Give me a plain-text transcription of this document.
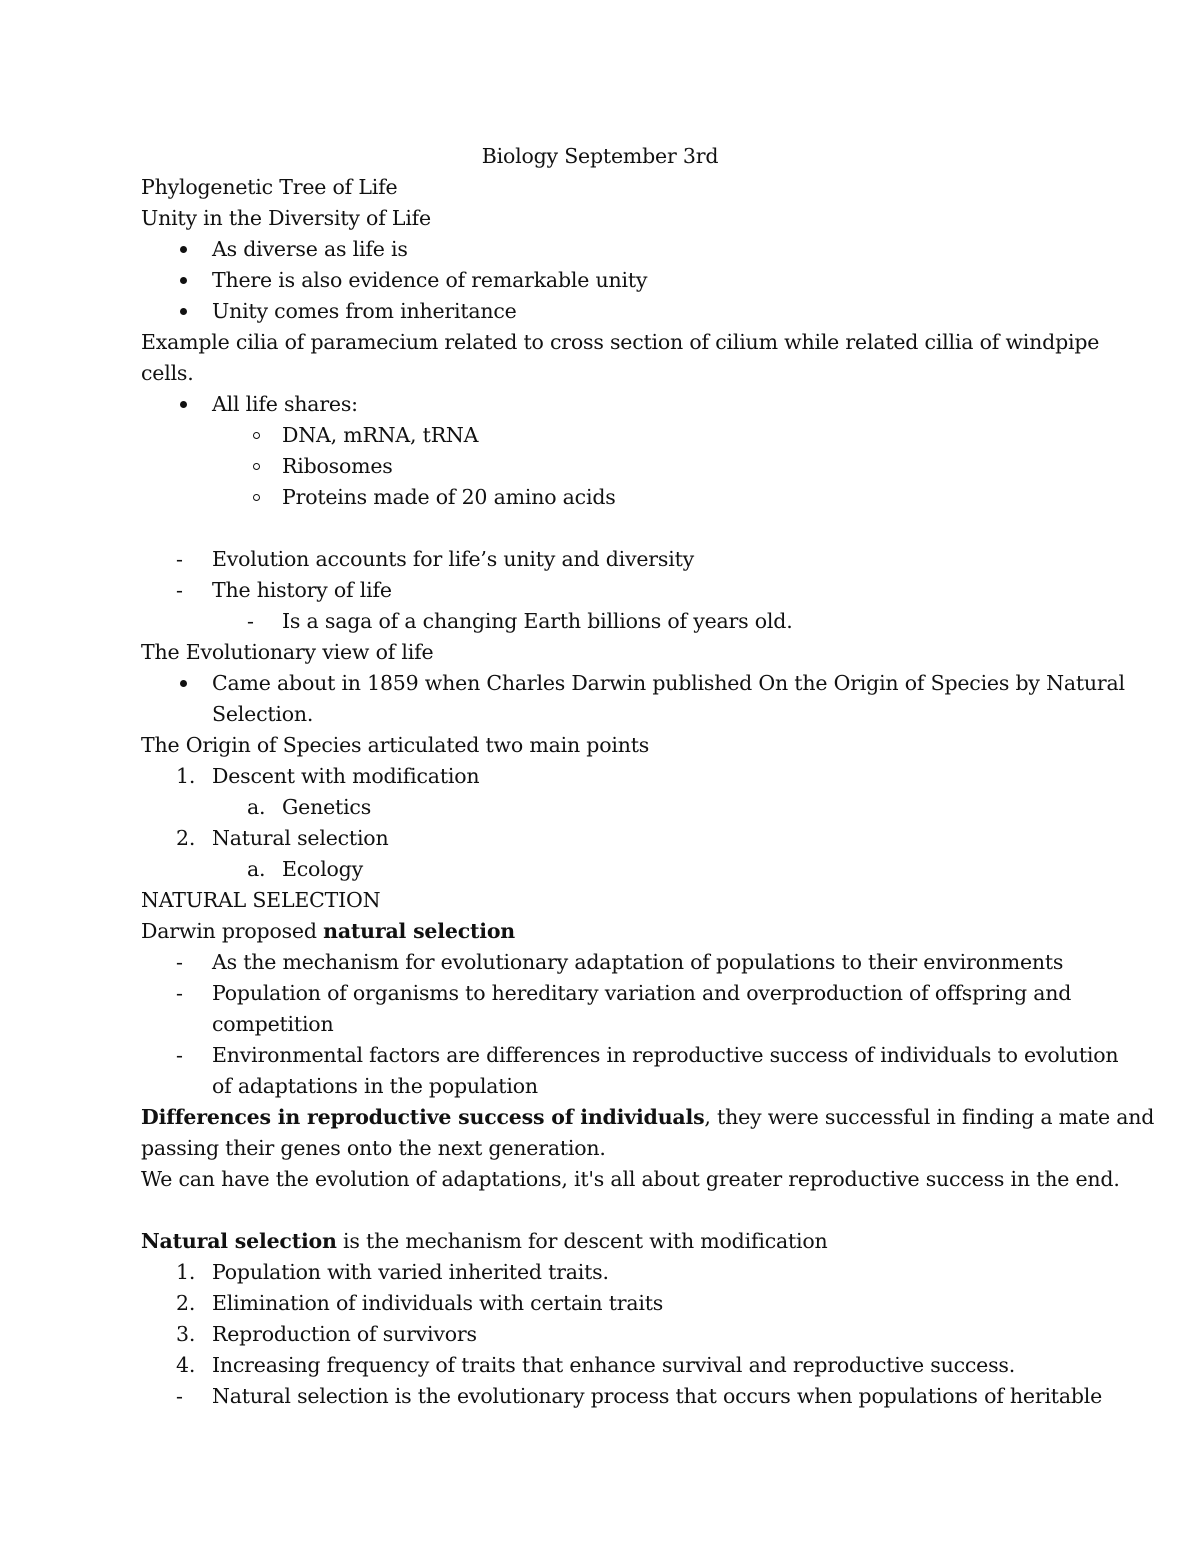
Biology September 3rd
Phylogenetic Tree of Life
Unity in the Diversity of Life
As diverse as life is
There is also evidence of remarkable unity
Unity comes from inheritance
Example cilia of paramecium related to cross section of cilium while related cillia of windpipe
cells.
All life shares:
DNA, mRNA, tRNA
Ribosomes
Proteins made of 20 amino acids
- Evolution accounts for life’s unity and diversity
- The history of life
- Is a saga of a changing Earth billions of years old.
The Evolutionary view of life
Came about in 1859 when Charles Darwin published On the Origin of Species by Natural
Selection.
The Origin of Species articulated two main points
1. Descent with modification
a. Genetics
2. Natural selection
a. Ecology
NATURAL SELECTION
Darwin proposed natural selection
- As the mechanism for evolutionary adaptation of populations to their environments
- Population of organisms to hereditary variation and overproduction of offspring and
competition
- Environmental factors are differences in reproductive success of individuals to evolution
of adaptations in the population
Differences in reproductive success of individuals, they were successful in finding a mate and
passing their genes onto the next generation.
We can have the evolution of adaptations, it's all about greater reproductive success in the end.
Natural selection is the mechanism for descent with modification
1. Population with varied inherited traits.
2. Elimination of individuals with certain traits
3. Reproduction of survivors
4. Increasing frequency of traits that enhance survival and reproductive success.
- Natural selection is the evolutionary process that occurs when populations of heritable
